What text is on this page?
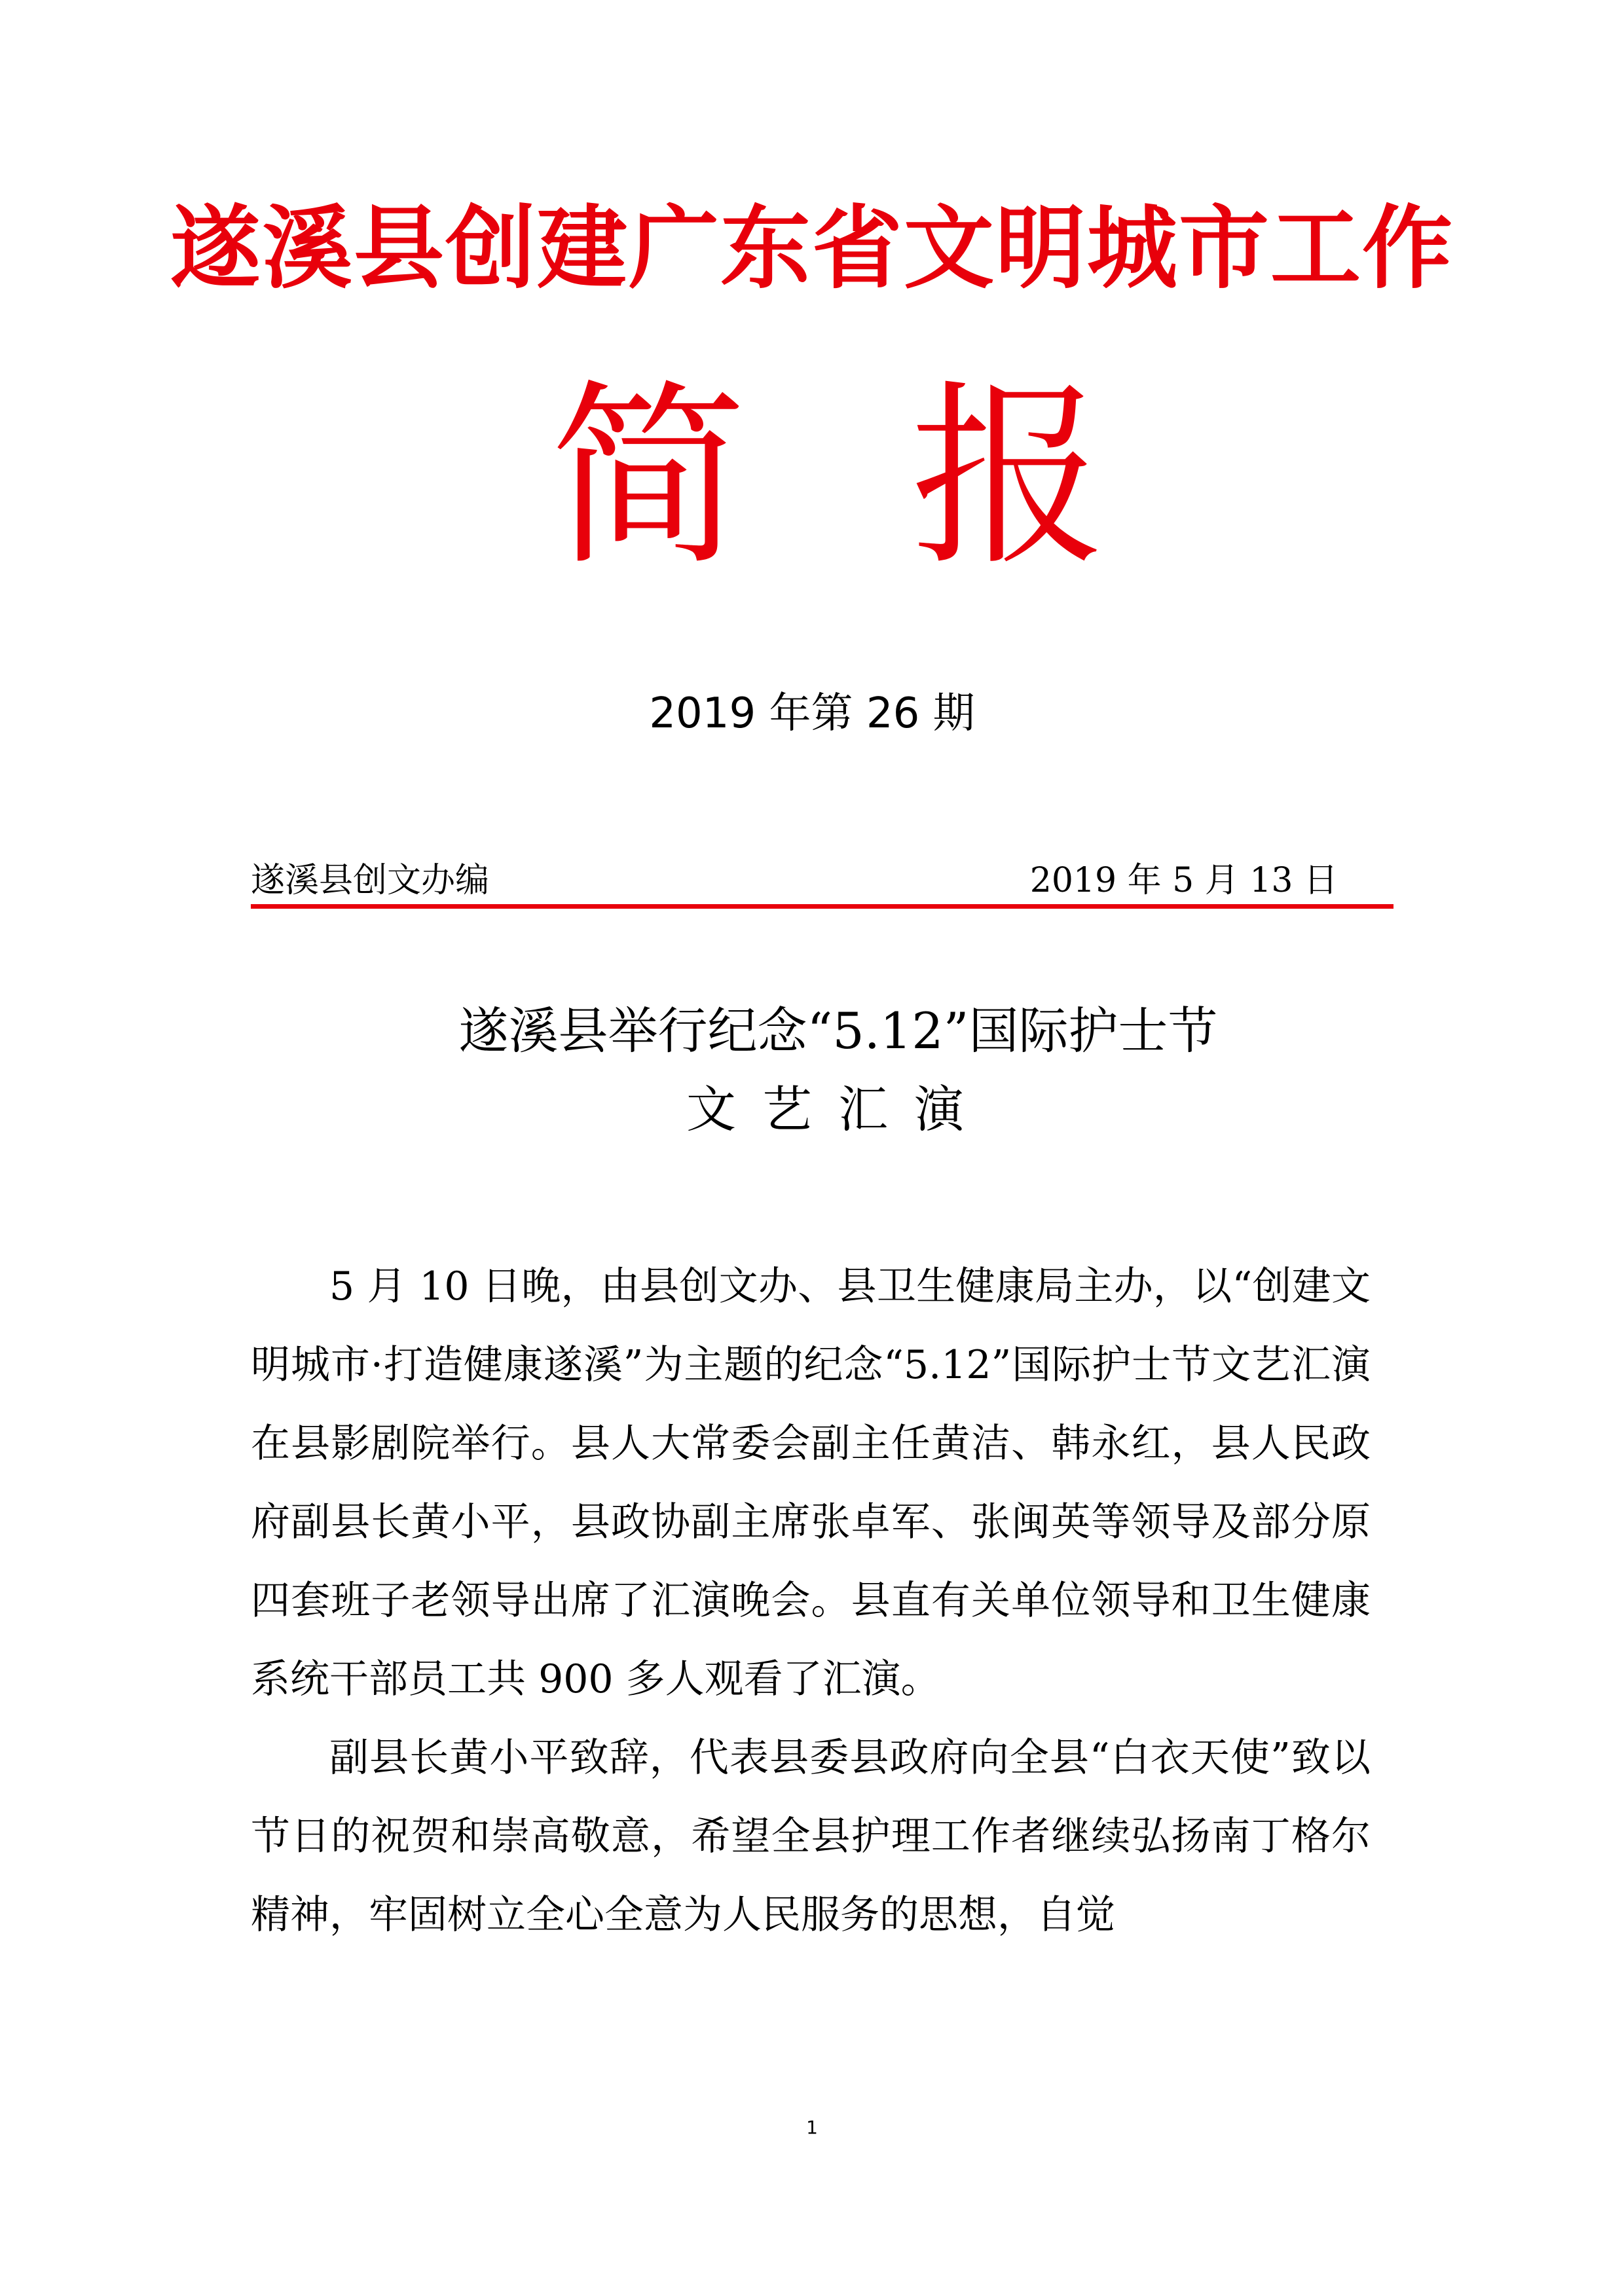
遂溪县创建广东省文明城市工作
简 报
2019 年第 26 期
遂溪县创文办编	2019 年 5 月 13 日
遂溪县举行纪念“5.12”国际护士节
文艺汇演

5 月 10 日晚，由县创文办、县卫生健康局主办，以“创建文明城市·打造健康遂溪”为主题的纪念“5.12”国际护士节文艺汇演在县影剧院举行。县人大常委会副主任黄洁、韩永红，县人民政府副县长黄小平，县政协副主席张卓军、张闽英等领导及部分原四套班子老领导出席了汇演晚会。县直有关单位领导和卫生健康系统干部员工共 900 多人观看了汇演。

副县长黄小平致辞，代表县委县政府向全县“白衣天使”致以节日的祝贺和崇高敬意，希望全县护理工作者继续弘扬南丁格尔精神，牢固树立全心全意为人民服务的思想，自觉

1
